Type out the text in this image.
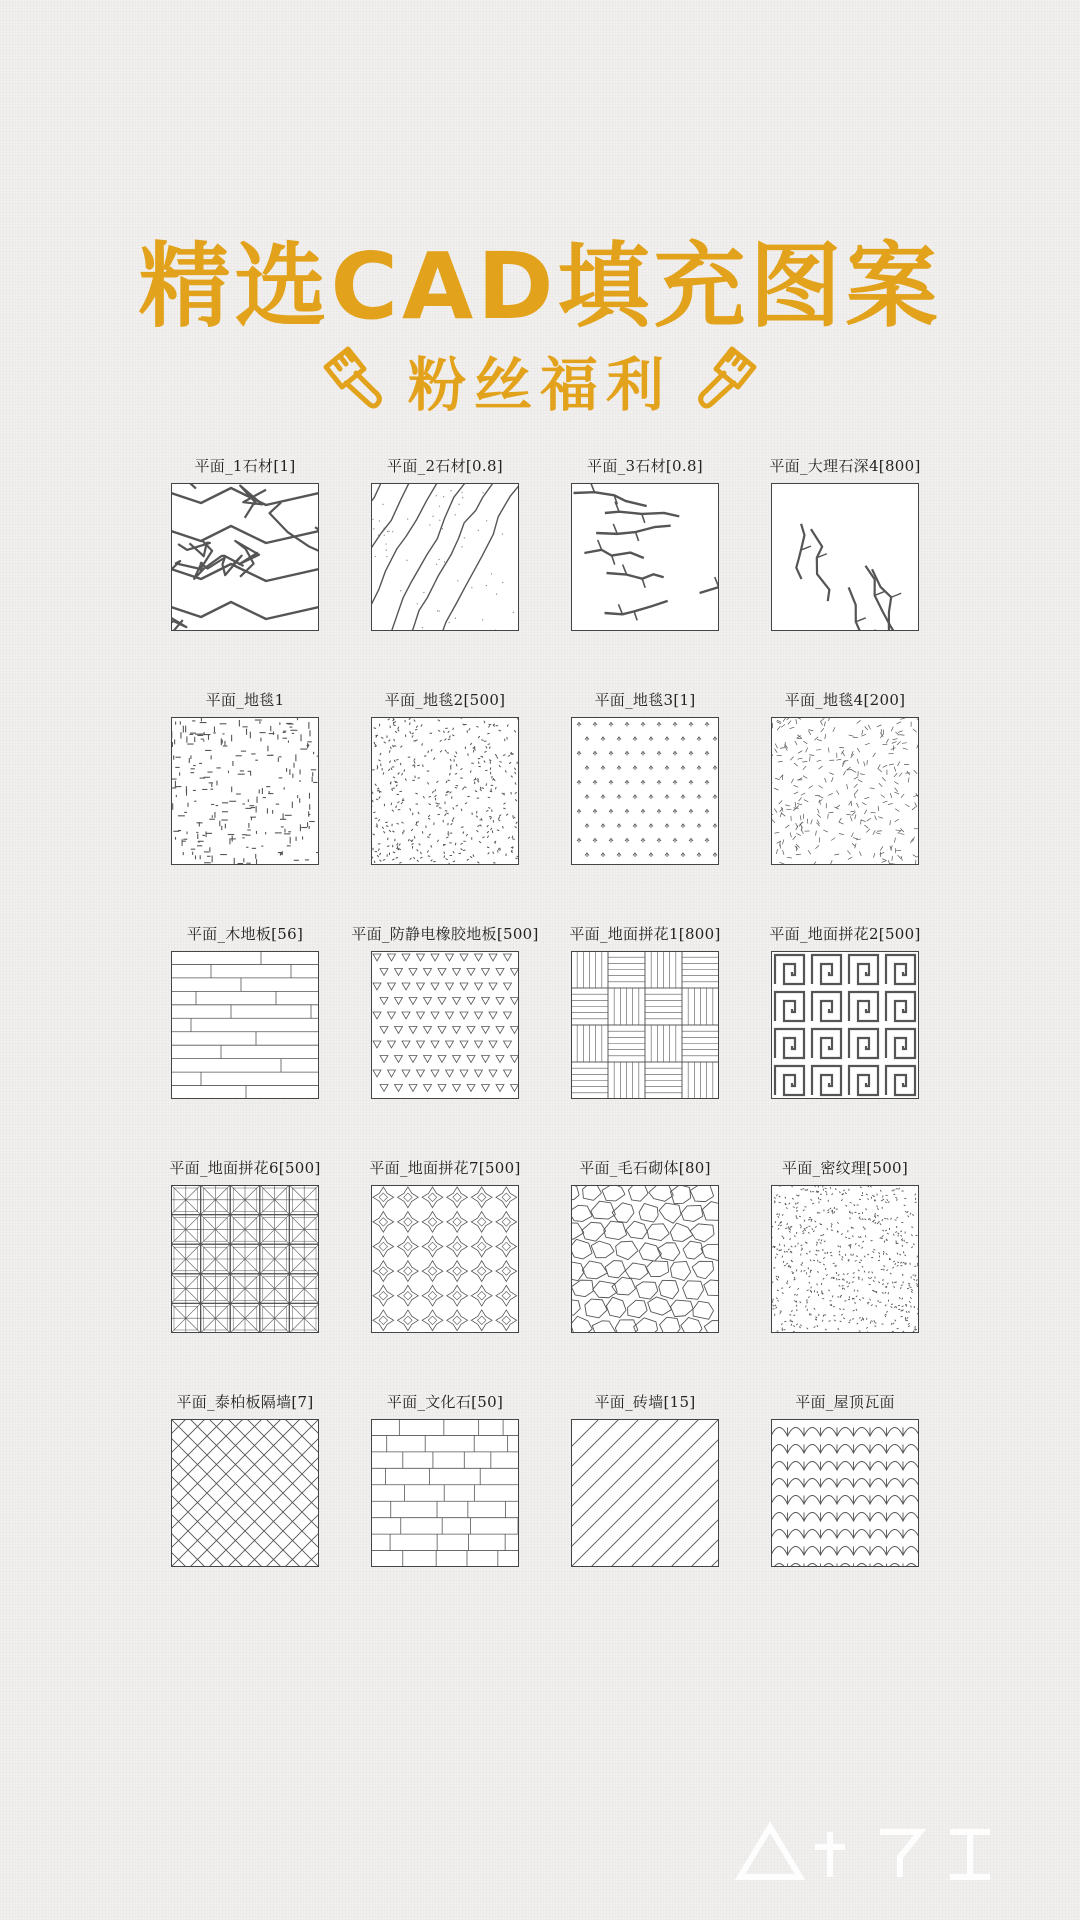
精选CAD填充图案
粉丝福利
平面_1石材[1]	平面_2石材[0.8]	平面_3石材[0.8]	平面_大理石深4[800]
平面_地毯1	平面_地毯2[500]	平面_地毯3[1]	平面_地毯4[200]
平面_木地板[56]	平面_防静电橡胶地板[500] 平面_地面拼花1[800]	平面_地面拼花2[500]
平面_地面拼花6[500]	平面_地面拼花7[500]	平面_毛石砌体[80]	平面_密纹理[500]
平面_泰柏板隔墙[7]	平面_文化石[50]	平面_砖墙[15]	平面_屋顶瓦面
